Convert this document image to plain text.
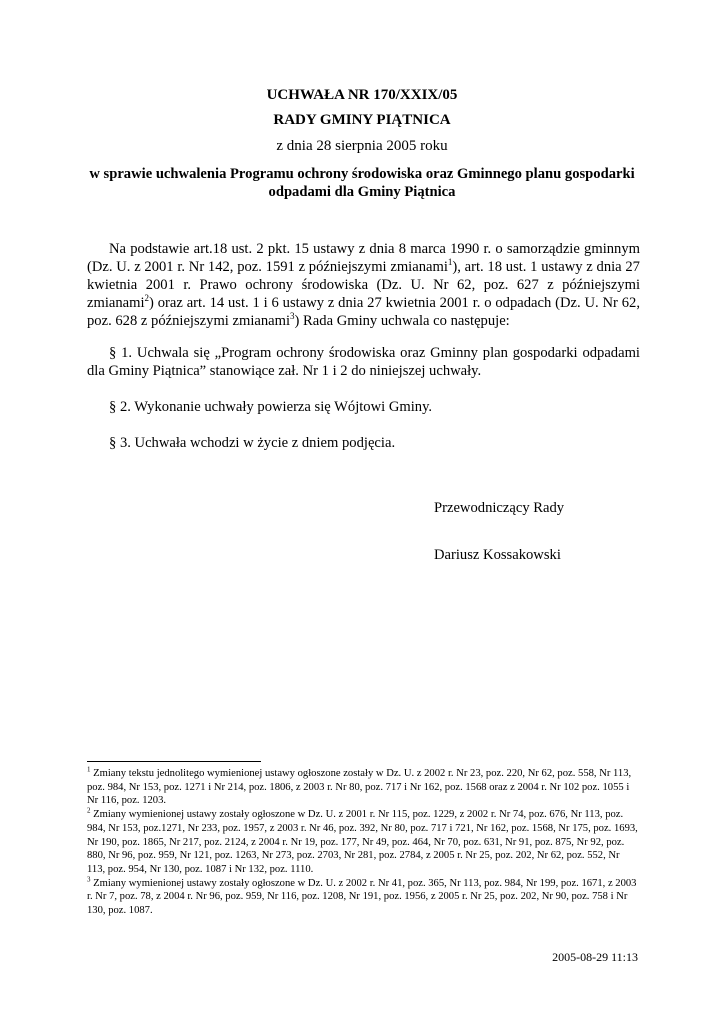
UCHWAŁA NR 170/XXIX/05
RADY GMINY PIĄTNICA
z dnia 28 sierpnia 2005 roku
w sprawie uchwalenia Programu ochrony środowiska oraz Gminnego planu gospodarki
odpadami dla Gminy Piątnica
Na podstawie art.18 ust. 2 pkt. 15 ustawy z dnia 8 marca 1990 r. o samorządzie gminnym (Dz. U. z 2001 r. Nr 142, poz. 1591 z późniejszymi zmianami$^1$), art. 18 ust. 1 ustawy z dnia 27 kwietnia 2001 r. Prawo ochrony środowiska (Dz. U. Nr 62, poz. 627 z późniejszymi zmianami$^2$) oraz art. 14 ust. 1 i 6 ustawy z dnia 27 kwietnia 2001 r. o odpadach (Dz. U. Nr 62, poz. 628 z późniejszymi zmianami$^3$) Rada Gminy uchwala co następuje:
§ 1. Uchwala się „Program ochrony środowiska oraz Gminny plan gospodarki odpadami dla Gminy Piątnica” stanowiące zał. Nr 1 i 2 do niniejszej uchwały.
§ 2. Wykonanie uchwały powierza się Wójtowi Gminy.
§ 3. Uchwała wchodzi w życie z dniem podjęcia.
Przewodniczący Rady
Dariusz Kossakowski

$^1$ Zmiany tekstu jednolitego wymienionej ustawy ogłoszone zostały w Dz. U. z 2002 r. Nr 23, poz. 220, Nr 62, poz. 558, Nr 113, poz. 984, Nr 153, poz. 1271 i Nr 214, poz. 1806, z 2003 r. Nr 80, poz. 717 i Nr 162, poz. 1568 oraz z 2004 r. Nr 102 poz. 1055 i Nr 116, poz. 1203.

$^2$ Zmiany wymienionej ustawy zostały ogłoszone w Dz. U. z 2001 r. Nr 115, poz. 1229, z 2002 r. Nr 74, poz. 676, Nr 113, poz. 984, Nr 153, poz.1271, Nr 233, poz. 1957, z 2003 r. Nr 46, poz. 392, Nr 80, poz. 717 i 721, Nr 162, poz. 1568, Nr 175, poz. 1693, Nr 190, poz. 1865, Nr 217, poz. 2124, z 2004 r. Nr 19, poz. 177, Nr 49, poz. 464, Nr 70, poz. 631, Nr 91, poz. 875, Nr 92, poz. 880, Nr 96, poz. 959, Nr 121, poz. 1263, Nr 273, poz. 2703, Nr 281, poz. 2784, z 2005 r. Nr 25, poz. 202, Nr 62, poz. 552, Nr 113, poz. 954, Nr 130, poz. 1087 i Nr 132, poz. 1110.

$^3$ Zmiany wymienionej ustawy zostały ogłoszone w Dz. U. z 2002 r. Nr 41, poz. 365, Nr 113, poz. 984, Nr 199, poz. 1671, z 2003 r. Nr 7, poz. 78, z 2004 r. Nr 96, poz. 959, Nr 116, poz. 1208, Nr 191, poz. 1956, z 2005 r. Nr 25, poz. 202, Nr 90, poz. 758 i Nr 130, poz. 1087.

2005-08-29 11:13
